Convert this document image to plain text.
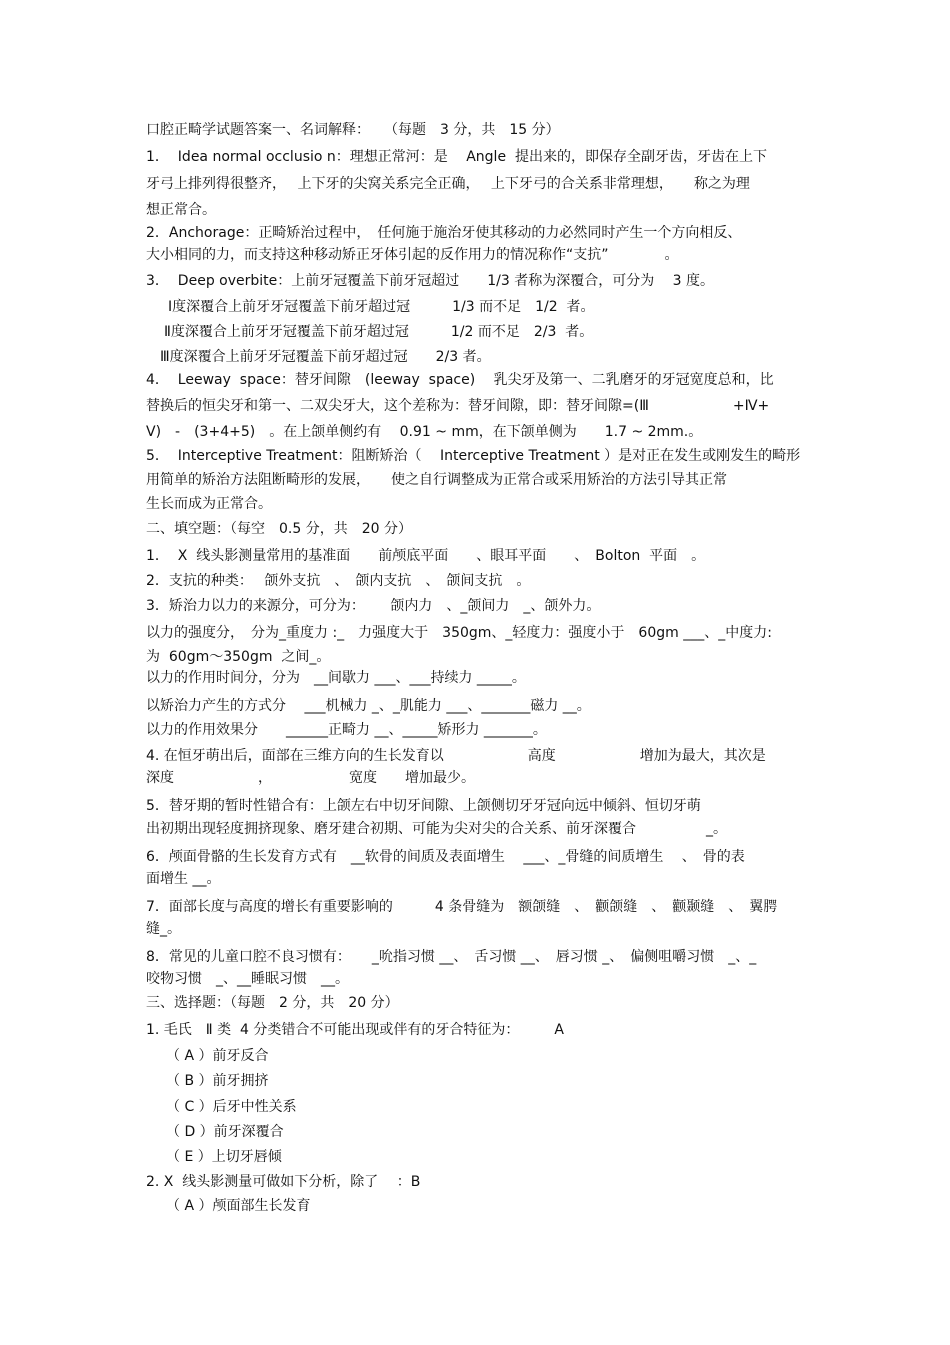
口腔正畸学试题答案一、名词解释：　　（每题　3 分，共　15 分）
1．  Idea normal occlusio n：理想正常河：是　 Angle  提出来的，即保存全副牙齿，牙齿在上下
牙弓上排列得很整齐，　 上下牙的尖窝关系完全正确，　 上下牙弓的合关系非常理想，　　称之为理
想正常合。
2．Anchorage：正畸矫治过程中，　任何施于施治牙使其移动的力必然同时产生一个方向相反、
大小相同的力，而支持这种移动矫正牙体引起的反作用力的情况称作“支抗”　　　　。
3．  Deep overbite：上前牙冠覆盖下前牙冠超过　　1/3 者称为深覆合，可分为　 3 度。
Ⅰ度深覆合上前牙牙冠覆盖下前牙超过冠　　　1/3 而不足　1/2  者。
Ⅱ度深覆合上前牙牙冠覆盖下前牙超过冠　　　1/2 而不足　2/3  者。
Ⅲ度深覆合上前牙牙冠覆盖下前牙超过冠　　2/3 者。
4．  Leeway  space：替牙间隙　(leeway  space)　 乳尖牙及第一、二乳磨牙的牙冠宽度总和，比
替换后的恒尖牙和第一、二双尖牙大，这个差称为：替牙间隙，即：替牙间隙=(Ⅲ　　　　　　+Ⅳ+
Ⅴ)　-　(3+4+5)　。在上颌单侧约有　 0.91 ~ mm，在下颌单侧为　　1.7 ~ 2mm.。
5．  Interceptive Treatment：阻断矫治（　 Interceptive Treatment ）是对正在发生或刚发生的畸形
用简单的矫治方法阻断畸形的发展，　　使之自行调整成为正常合或采用矫治的方法引导其正常
生长而成为正常合。
二、填空题：（每空　0.5 分，共　20 分）
1．  X  线头影测量常用的基准面　　前颅底平面　　、眼耳平面　　、　Bolton  平面　。
2．支抗的种类：　 颌外支抗　、　颌内支抗　、　颌间支抗　。
3．矫治力以力的来源分，可分为：　　 颌内力　、_颌间力　_、颌外力。
以力的强度分，　分为_重度力 :_　力强度大于　350gm、_轻度力：强度小于　60gm ___、_中度力:
为  60gm～350gm  之间_。
以力的作用时间分，分为　__间歇力 ___、___持续力 _____。
以矫治力产生的方式分　 ___机械力 _、_肌能力 ___、_______磁力 __。
以力的作用效果分　　______正畸力 __、_____矫形力 _______。
4. 在恒牙萌出后，面部在三维方向的生长发育以　　　　　　高度　　　　　　增加为最大，其次是
深度　　　　　　，　　　　　　宽度　　增加最少。
5．替牙期的暂时性错合有：上颌左右中切牙间隙、上颌侧切牙牙冠向远中倾斜、恒切牙萌
出初期出现轻度拥挤现象、磨牙建合初期、可能为尖对尖的合关系、前牙深覆合　　　　　_。
6．颅面骨骼的生长发育方式有　__软骨的间质及表面增生　 ___、_骨缝的间质增生　 、　骨的表
面增生 __。
7．面部长度与高度的增长有重要影响的　　　4 条骨缝为　额颌缝　、　颧颌缝　、　颧颞缝　、　翼腭
缝_。
8．常见的儿童口腔不良习惯有：　　_吮指习惯 __、　舌习惯 __、　唇习惯 _、　偏侧咀嚼习惯　_、_
咬物习惯　_、__睡眠习惯　__。
三、选择题：（每题　2 分，共　20 分）
1. 毛氏　Ⅱ 类  4 分类错合不可能出现或伴有的牙合特征为：　　　A
（ A ）前牙反合
（ B ）前牙拥挤
（ C ）后牙中性关系
（ D ）前牙深覆合
（ E ）上切牙唇倾
2. X  线头影测量可做如下分析，除了　 ：B
（ A ）颅面部生长发育
